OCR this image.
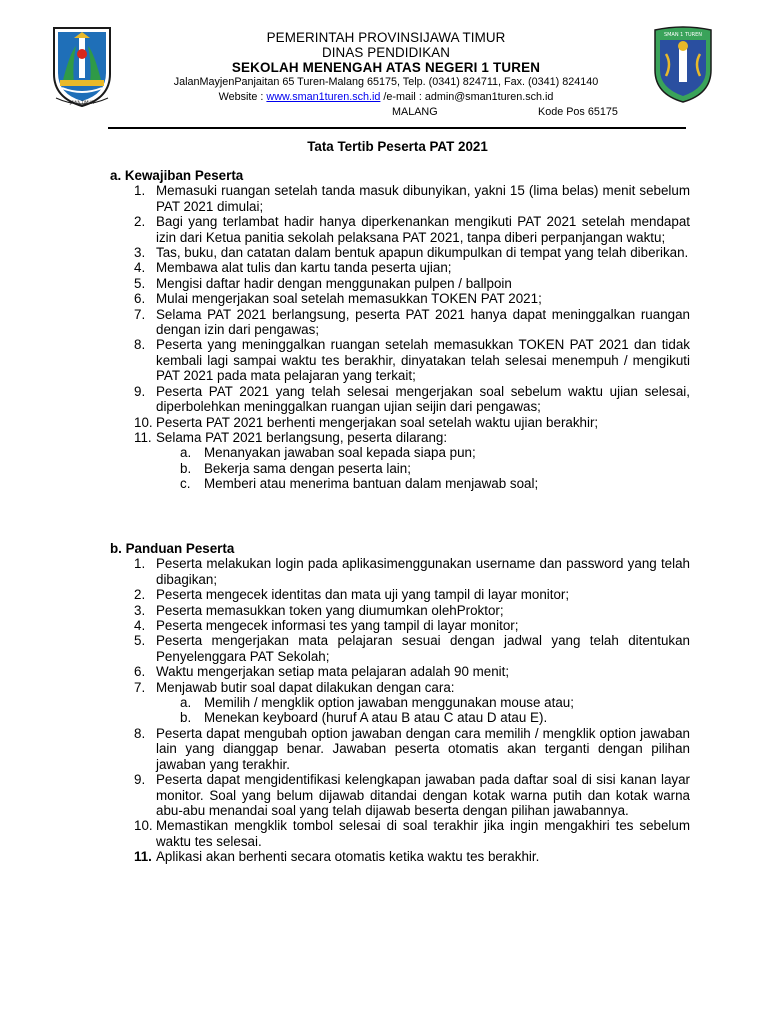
JAWA TIMUR
SMAN 1 TUREN
PEMERINTAH PROVINSIJAWA TIMUR
DINAS PENDIDIKAN
SEKOLAH MENENGAH ATAS NEGERI 1 TUREN
JalanMayjenPanjaitan 65 Turen-Malang 65175, Telp. (0341) 824711, Fax. (0341) 824140
Website : www.sman1turen.sch.id /e-mail : admin@sman1turen.sch.id
MALANG	Kode Pos 65175
Tata Tertib Peserta PAT 2021
a. Kewajiban Peserta
1. Memasuki ruangan setelah tanda masuk dibunyikan, yakni 15 (lima belas) menit sebelum PAT 2021 dimulai;
2. Bagi yang terlambat hadir hanya diperkenankan mengikuti PAT 2021 setelah mendapat izin dari Ketua panitia sekolah pelaksana PAT 2021, tanpa diberi perpanjangan waktu;
3. Tas, buku, dan catatan dalam bentuk apapun dikumpulkan di tempat yang telah diberikan.
4. Membawa alat tulis dan kartu tanda peserta ujian;
5. Mengisi daftar hadir dengan menggunakan pulpen / ballpoin
6. Mulai mengerjakan soal setelah memasukkan TOKEN PAT 2021;
7. Selama PAT 2021 berlangsung, peserta PAT 2021 hanya dapat meninggalkan ruangan dengan izin dari pengawas;
8. Peserta yang meninggalkan ruangan setelah memasukkan TOKEN PAT 2021 dan tidak kembali lagi sampai waktu tes berakhir, dinyatakan telah selesai menempuh / mengikuti PAT 2021 pada mata pelajaran yang terkait;
9. Peserta PAT 2021 yang telah selesai mengerjakan soal sebelum waktu ujian selesai, diperbolehkan meninggalkan ruangan ujian seijin dari pengawas;
10. Peserta PAT 2021 berhenti mengerjakan soal setelah waktu ujian berakhir;
11. Selama PAT 2021 berlangsung, peserta dilarang:
a. Menanyakan jawaban soal kepada siapa pun;
b. Bekerja sama dengan peserta lain;
c. Memberi atau menerima bantuan dalam menjawab soal;
b. Panduan Peserta
1. Peserta melakukan login pada aplikasimenggunakan username dan password yang telah dibagikan;
2. Peserta mengecek identitas dan mata uji yang tampil di layar monitor;
3. Peserta memasukkan token yang diumumkan olehProktor;
4. Peserta mengecek informasi tes yang tampil di layar monitor;
5. Peserta mengerjakan mata pelajaran sesuai dengan jadwal yang telah ditentukan Penyelenggara PAT Sekolah;
6. Waktu mengerjakan setiap mata pelajaran adalah 90 menit;
7. Menjawab butir soal dapat dilakukan dengan cara:
a. Memilih / mengklik option jawaban menggunakan mouse atau;
b. Menekan keyboard (huruf A atau B atau C atau D atau E).
8. Peserta dapat mengubah option jawaban dengan cara memilih / mengklik option jawaban lain yang dianggap benar. Jawaban peserta otomatis akan terganti dengan pilihan jawaban yang terakhir.
9. Peserta dapat mengidentifikasi kelengkapan jawaban pada daftar soal di sisi kanan layar monitor. Soal yang belum dijawab ditandai dengan kotak warna putih dan kotak warna abu-abu menandai soal yang telah dijawab beserta dengan pilihan jawabannya.
10. Memastikan mengklik tombol selesai di soal terakhir jika ingin mengakhiri tes sebelum waktu tes selesai.
11. Aplikasi akan berhenti secara otomatis ketika waktu tes berakhir.
